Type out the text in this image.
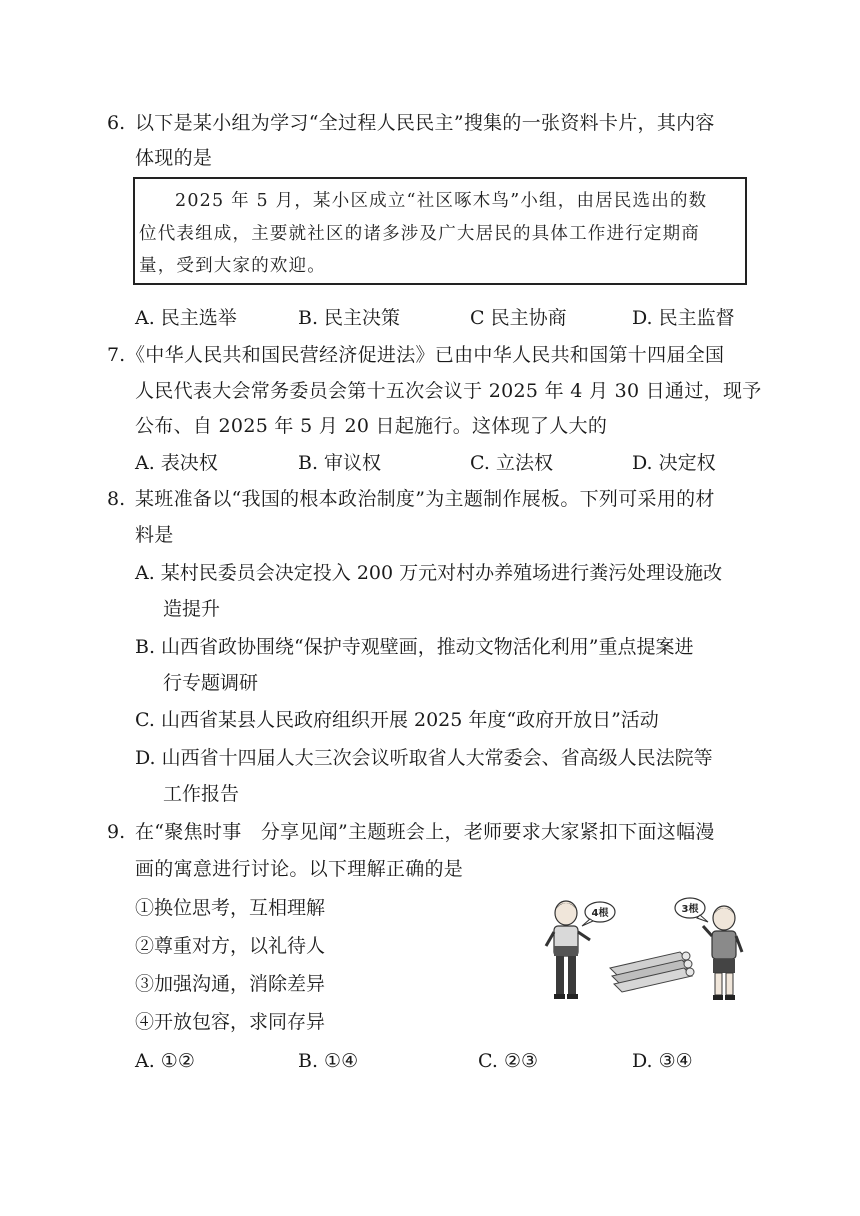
6. 以下是某小组为学习“全过程人民民主”搜集的一张资料卡片，其内容
体现的是
2025 年 5 月，某小区成立“社区啄木鸟”小组，由居民选出的数
位代表组成，主要就社区的诸多涉及广大居民的具体工作进行定期商
量，受到大家的欢迎。
A. 民主选举	B. 民主决策	C 民主协商	D. 民主监督
7. 《中华人民共和国民营经济促进法》已由中华人民共和国第十四届全国
人民代表大会常务委员会第十五次会议于 2025 年 4 月 30 日通过，现予
公布、自 2025 年 5 月 20 日起施行。这体现了人大的
A. 表决权	B. 审议权	C. 立法权	D. 决定权
8. 某班准备以“我国的根本政治制度”为主题制作展板。下列可采用的材
料是
A. 某村民委员会决定投入 200 万元对村办养殖场进行粪污处理设施改
造提升
B. 山西省政协围绕“保护寺观壁画，推动文物活化利用”重点提案进
行专题调研
C. 山西省某县人民政府组织开展 2025 年度“政府开放日”活动
D. 山西省十四届人大三次会议听取省人大常委会、省高级人民法院等
工作报告
9. 在“聚焦时事　分享见闻”主题班会上，老师要求大家紧扣下面这幅漫
画的寓意进行讨论。以下理解正确的是
①换位思考，互相理解
②尊重对方，以礼待人
③加强沟通，消除差异
④开放包容，求同存异
A. ①②	B. ①④	C. ②③	D. ③④
4根	3根
